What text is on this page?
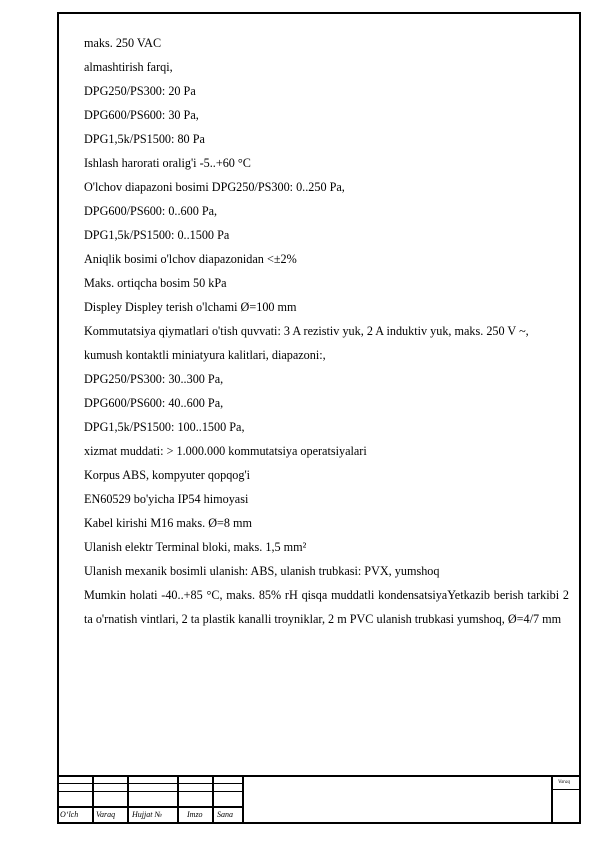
maks. 250 VAC
almashtirish farqi,
DPG250/PS300: 20 Pa
DPG600/PS600: 30 Pa,
DPG1,5k/PS1500: 80 Pa
Ishlash harorati oralig'i -5..+60 °C
O'lchov diapazoni bosimi DPG250/PS300: 0..250 Pa,
DPG600/PS600: 0..600 Pa,
DPG1,5k/PS1500: 0..1500 Pa
Aniqlik bosimi o'lchov diapazonidan <±2%
Maks. ortiqcha bosim 50 kPa
Displey Displey terish o'lchami Ø=100 mm
Kommutatsiya qiymatlari o'tish quvvati: 3 A rezistiv yuk, 2 A induktiv yuk, maks. 250 V ~,
kumush kontaktli miniatyura kalitlari, diapazoni:,
DPG250/PS300: 30..300 Pa,
DPG600/PS600: 40..600 Pa,
DPG1,5k/PS1500: 100..1500 Pa,
xizmat muddati: > 1.000.000 kommutatsiya operatsiyalari
Korpus ABS, kompyuter qopqog'i
EN60529 bo'yicha IP54 himoyasi
Kabel kirishi M16 maks. Ø=8 mm
Ulanish elektr Terminal bloki, maks. 1,5 mm²
Ulanish mexanik bosimli ulanish: ABS, ulanish trubkasi: PVX, yumshoq
Mumkin holati -40..+85 °C, maks. 85% rH qisqa muddatli kondensatsiyaYetkazib berish tarkibi 2 ta o'rnatish vintlari, 2 ta plastik kanalli troyniklar, 2 m PVC ulanish trubkasi yumshoq, Ø=4/7 mm
O‘lch Varaq Hujjat №	Imzo Sana
Varaq
